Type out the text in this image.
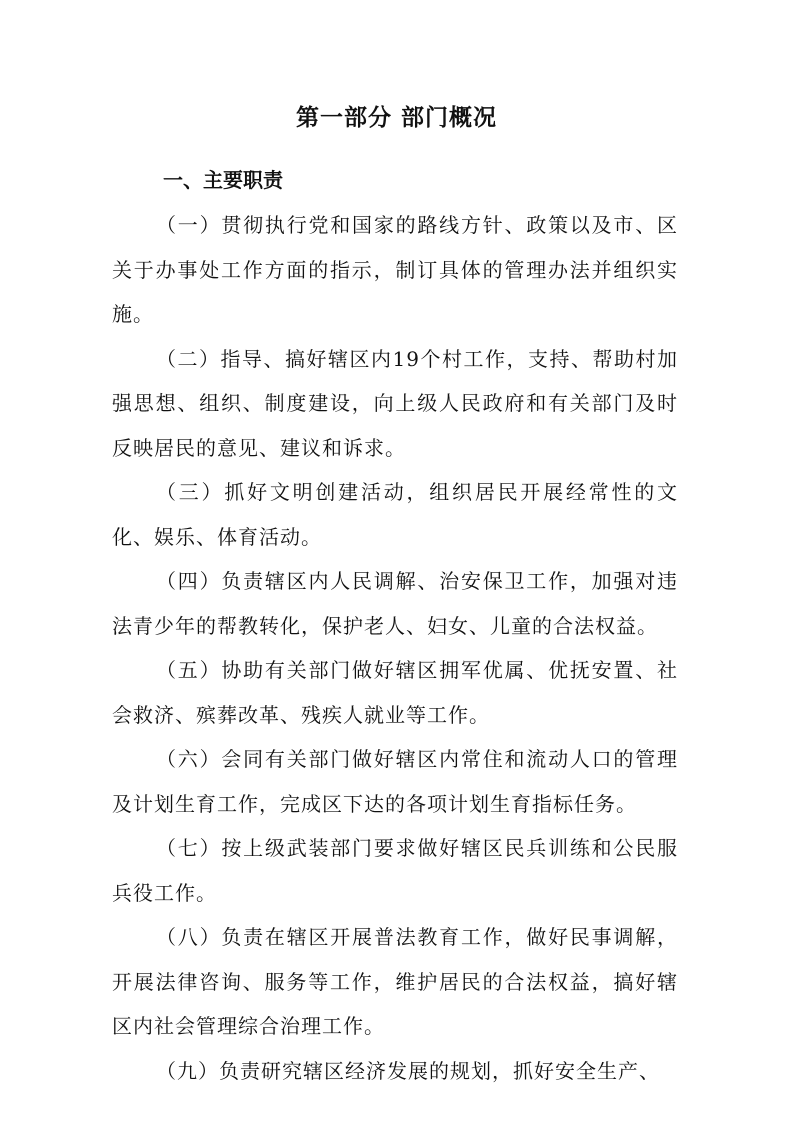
第一部分 部门概况
一、主要职责

（一）贯彻执行党和国家的路线方针、政策以及市、区关于办事处工作方面的指示，制订具体的管理办法并组织实施。

（二）指导、搞好辖区内19个村工作，支持、帮助村加强思想、组织、制度建设，向上级人民政府和有关部门及时反映居民的意见、建议和诉求。

（三）抓好文明创建活动，组织居民开展经常性的文化、娱乐、体育活动。

（四）负责辖区内人民调解、治安保卫工作，加强对违法青少年的帮教转化，保护老人、妇女、儿童的合法权益。

（五）协助有关部门做好辖区拥军优属、优抚安置、社会救济、殡葬改革、残疾人就业等工作。

（六）会同有关部门做好辖区内常住和流动人口的管理及计划生育工作，完成区下达的各项计划生育指标任务。

（七）按上级武装部门要求做好辖区民兵训练和公民服兵役工作。

（八）负责在辖区开展普法教育工作，做好民事调解，开展法律咨询、服务等工作，维护居民的合法权益，搞好辖区内社会管理综合治理工作。

（九）负责研究辖区经济发展的规划，抓好安全生产、
